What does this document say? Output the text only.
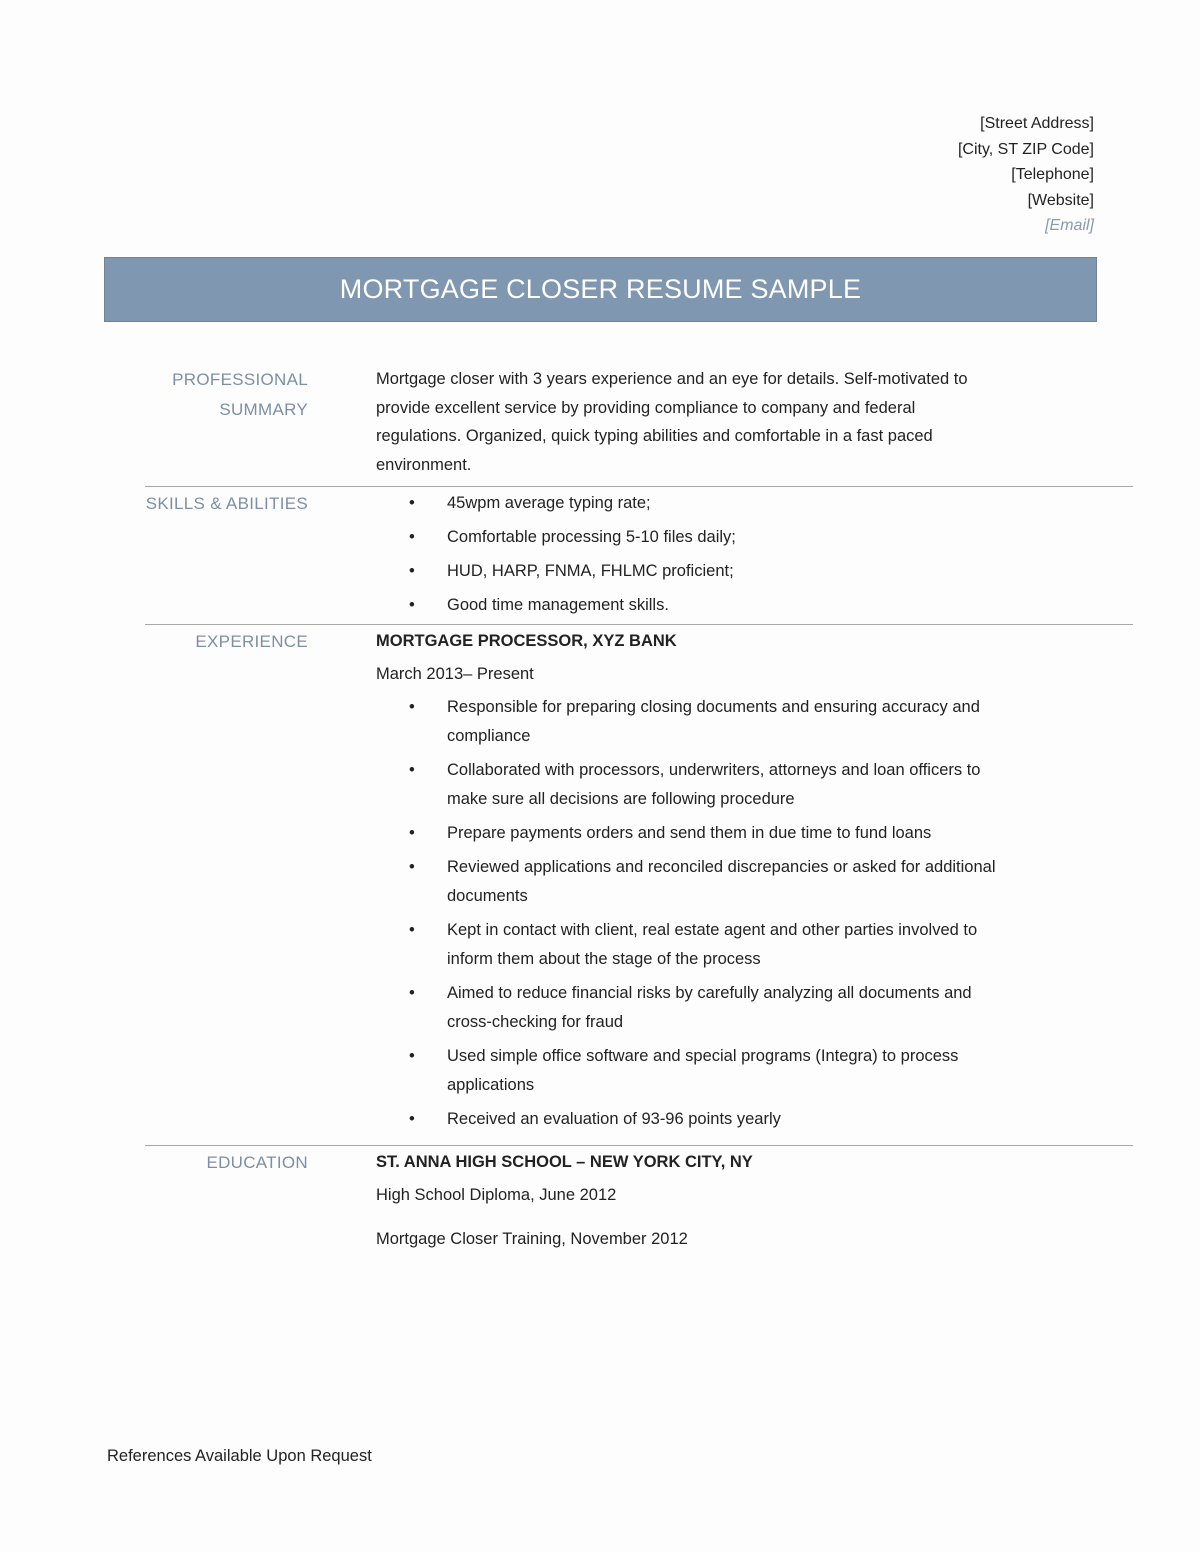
[Street Address]
[City, ST ZIP Code]
[Telephone]
[Website]
[Email]
MORTGAGE CLOSER RESUME SAMPLE
PROFESSIONAL
SUMMARY
Mortgage closer with 3 years experience and an eye for details. Self-motivated to provide excellent service by providing compliance to company and federal regulations. Organized, quick typing abilities and comfortable in a fast paced environment.
SKILLS & ABILITIES	• 45wpm average typing rate;
• Comfortable processing 5-10 files daily;
• HUD, HARP, FNMA, FHLMC proficient;
• Good time management skills.
EXPERIENCE	MORTGAGE PROCESSOR, XYZ BANK
March 2013– Present
• Responsible for preparing closing documents and ensuring accuracy and compliance
• Collaborated with processors, underwriters, attorneys and loan officers to make sure all decisions are following procedure
• Prepare payments orders and send them in due time to fund loans
• Reviewed applications and reconciled discrepancies or asked for additional documents
• Kept in contact with client, real estate agent and other parties involved to inform them about the stage of the process
• Aimed to reduce financial risks by carefully analyzing all documents and cross-checking for fraud
• Used simple office software and special programs (Integra) to process applications
• Received an evaluation of 93-96 points yearly
EDUCATION	ST. ANNA HIGH SCHOOL – NEW YORK CITY, NY
High School Diploma, June 2012
Mortgage Closer Training, November 2012
References Available Upon Request
